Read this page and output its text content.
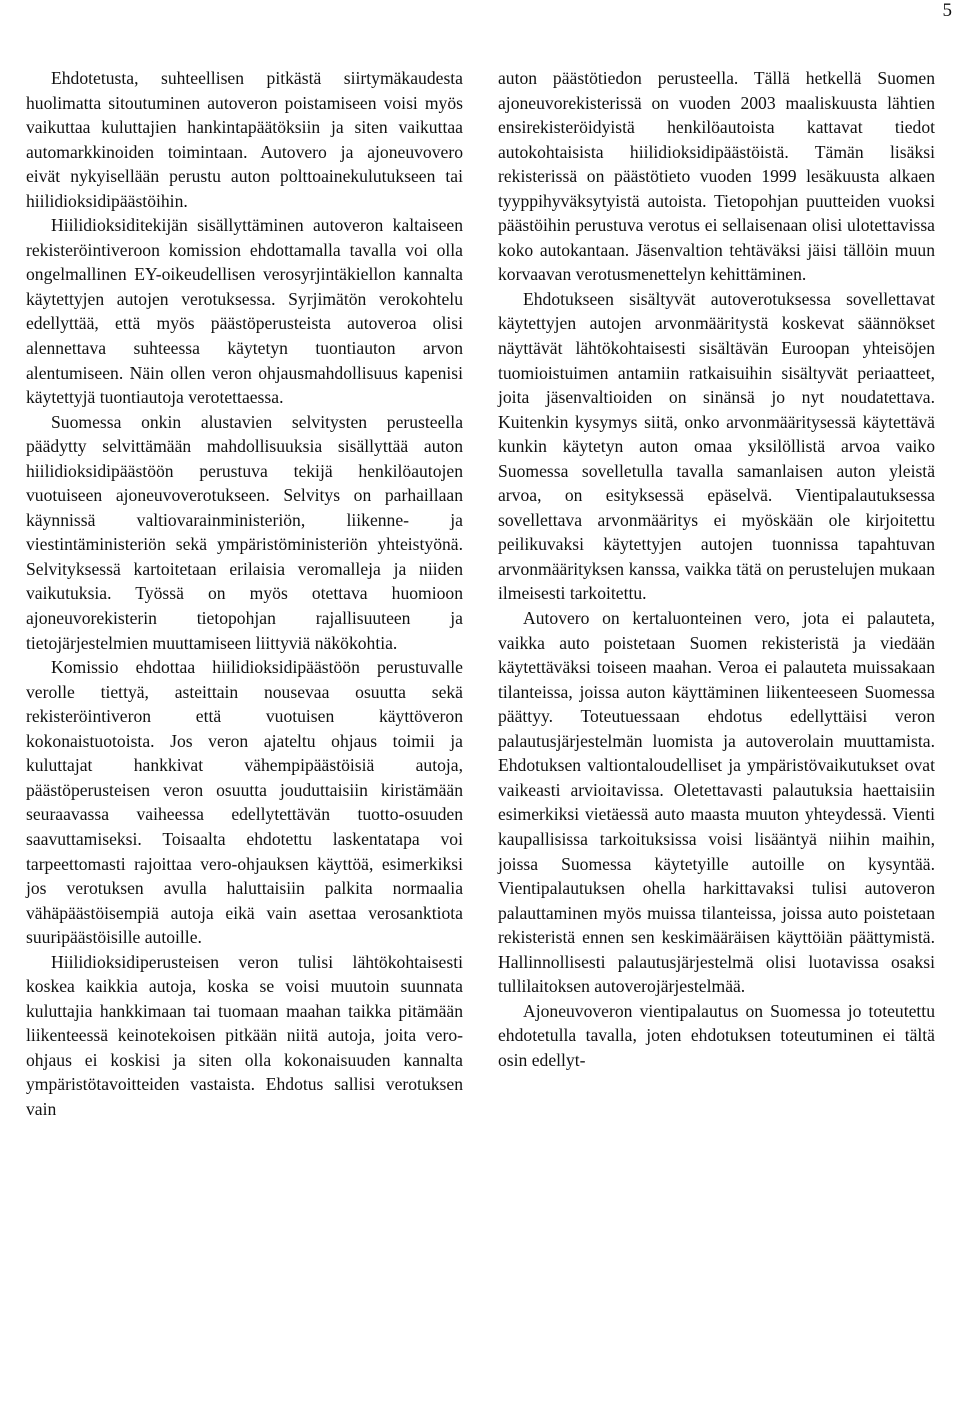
5

Ehdotetusta, suhteellisen pitkästä siirtymäkaudesta huolimatta sitoutuminen autoveron poistamiseen voisi myös vaikuttaa kuluttajien hankintapäätöksiin ja siten vaikuttaa automarkkinoiden toimintaan. Autovero ja ajoneuvovero eivät nykyisellään perustu auton polttoainekulutukseen tai hiilidioksidipäästöihin.

Hiilidioksiditekijän sisällyttäminen autoveron kaltaiseen rekisteröintiveroon komission ehdottamalla tavalla voi olla ongelmallinen EY-oikeudellisen verosyrjintäkiellon kannalta käytettyjen autojen verotuksessa. Syrjimätön verokohtelu edellyttää, että myös päästöperusteista autoveroa olisi alennettava suhteessa käytetyn tuontiauton arvon alentumiseen. Näin ollen veron ohjausmahdollisuus kapenisi käytettyjä tuontiautoja verotettaessa.

Suomessa onkin alustavien selvitysten perusteella päädytty selvittämään mahdollisuuksia sisällyttää auton hiilidioksidipäästöön perustuva tekijä henkilöautojen vuotuiseen ajoneuvoverotukseen. Selvitys on parhaillaan käynnissä valtiovarainministeriön, liikenne- ja viestintäministeriön sekä ympäristöministeriön yhteistyönä. Selvityksessä kartoitetaan erilaisia veromalleja ja niiden vaikutuksia. Työssä on myös otettava huomioon ajoneuvorekisterin tietopohjan rajallisuuteen ja tietojärjestelmien muuttamiseen liittyviä näkökohtia.

Komissio ehdottaa hiilidioksidipäästöön perustuvalle verolle tiettyä, asteittain nousevaa osuutta sekä rekisteröintiveron että vuotuisen käyttöveron kokonaistuotoista. Jos veron ajateltu ohjaus toimii ja kuluttajat hankkivat vähempipäästöisiä autoja, päästöperusteisen veron osuutta jouduttaisiin kiristämään seuraavassa vaiheessa edellytettävän tuotto-osuuden saavuttamiseksi. Toisaalta ehdotettu laskentatapa voi tarpeettomasti rajoittaa vero-ohjauksen käyttöä, esimerkiksi jos verotuksen avulla haluttaisiin palkita normaalia vähäpäästöisempiä autoja eikä vain asettaa verosanktiota suuripäästöisille autoille.

Hiilidioksidiperusteisen veron tulisi lähtökohtaisesti koskea kaikkia autoja, koska se voisi muutoin suunnata kuluttajia hankkimaan tai tuomaan maahan taikka pitämään liikenteessä keinotekoisen pitkään niitä autoja, joita vero-ohjaus ei koskisi ja siten olla kokonaisuuden kannalta ympäristötavoitteiden vastaista. Ehdotus sallisi verotuksen vain

auton päästötiedon perusteella. Tällä hetkellä Suomen ajoneuvorekisterissä on vuoden 2003 maaliskuusta lähtien ensirekisteröidyistä henkilöautoista kattavat tiedot autokohtaisista hiilidioksidipäästöistä. Tämän lisäksi rekisterissä on päästötieto vuoden 1999 lesäkuusta alkaen tyyppihyväksytyistä autoista. Tietopohjan puutteiden vuoksi päästöihin perustuva verotus ei sellaisenaan olisi ulotettavissa koko autokantaan. Jäsenvaltion tehtäväksi jäisi tällöin muun korvaavan verotusmenettelyn kehittäminen.

Ehdotukseen sisältyvät autoverotuksessa sovellettavat käytettyjen autojen arvonmääritystä koskevat säännökset näyttävät lähtökohtaisesti sisältävän Euroopan yhteisöjen tuomioistuimen antamiin ratkaisuihin sisältyvät periaatteet, joita jäsenvaltioiden on sinänsä jo nyt noudatettava. Kuitenkin kysymys siitä, onko arvonmääritysessä käytettävä kunkin käytetyn auton omaa yksilöllistä arvoa vaiko Suomessa sovelletulla tavalla samanlaisen auton yleistä arvoa, on esityksessä epäselvä. Vientipalautuksessa sovellettava arvonmääritys ei myöskään ole kirjoitettu peilikuvaksi käytettyjen autojen tuonnissa tapahtuvan arvonmäärityksen kanssa, vaikka tätä on perustelujen mukaan ilmeisesti tarkoitettu.

Autovero on kertaluonteinen vero, jota ei palauteta, vaikka auto poistetaan Suomen rekisteristä ja viedään käytettäväksi toiseen maahan. Veroa ei palauteta muissakaan tilanteissa, joissa auton käyttäminen liikenteeseen Suomessa päättyy. Toteutuessaan ehdotus edellyttäisi veron palautusjärjestelmän luomista ja autoverolain muuttamista. Ehdotuksen valtiontaloudelliset ja ympäristövaikutukset ovat vaikeasti arvioitavissa. Oletettavasti palautuksia haettaisiin esimerkiksi vietäessä auto maasta muuton yhteydessä. Vienti kaupallisissa tarkoituksissa voisi lisääntyä niihin maihin, joissa Suomessa käytetyille autoille on kysyntää. Vientipalautuksen ohella harkittavaksi tulisi autoveron palauttaminen myös muissa tilanteissa, joissa auto poistetaan rekisteristä ennen sen keskimääräisen käyttöiän päättymistä. Hallinnollisesti palautusjärjestelmä olisi luotavissa osaksi tullilaitoksen autoverojärjestelmää.

Ajoneuvoveron vientipalautus on Suomessa jo toteutettu ehdotetulla tavalla, joten ehdotuksen toteutuminen ei tältä osin edellyt-
